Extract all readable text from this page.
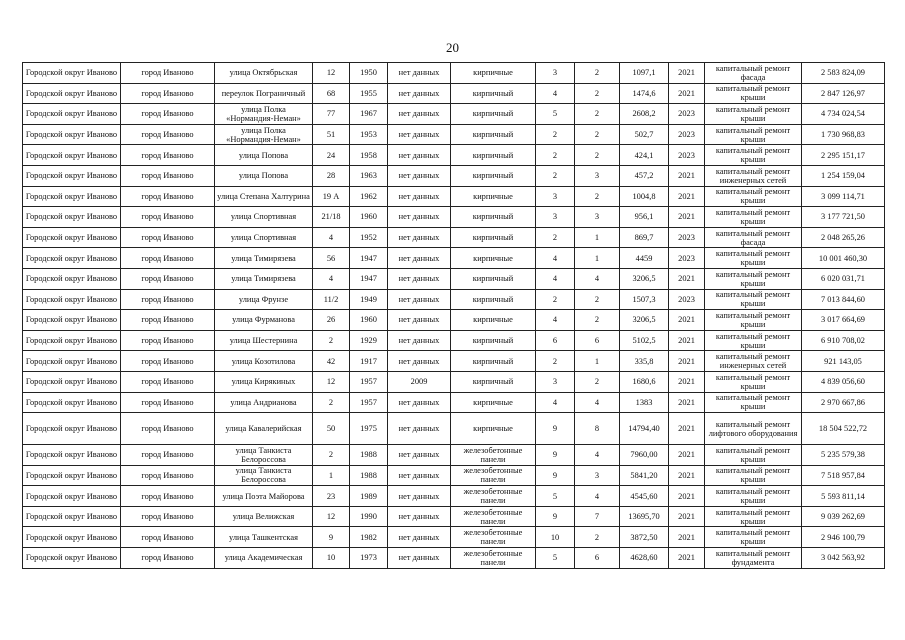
20
Городской округ Иваново	город Иваново	улица Октябрьская	12	1950	нет данных	кирпичные	3	2	1097,1	2021	капитальный ремонт фасада	2 583 824,09
Городской округ Иваново	город Иваново	переулок Пограничный	68	1955	нет данных	кирпичный	4	2	1474,6	2021	капитальный ремонт крыши	2 847 126,97
Городской округ Иваново	город Иваново	улица Полка «Нормандия-Неман»	77	1967	нет данных	кирпичный	5	2	2608,2	2023	капитальный ремонт крыши	4 734 024,54
Городской округ Иваново	город Иваново	улица Полка «Нормандия-Неман»	51	1953	нет данных	кирпичный	2	2	502,7	2023	капитальный ремонт крыши	1 730 968,83
Городской округ Иваново	город Иваново	улица Попова	24	1958	нет данных	кирпичный	2	2	424,1	2023	капитальный ремонт крыши	2 295 151,17
Городской округ Иваново	город Иваново	улица Попова	28	1963	нет данных	кирпичный	2	3	457,2	2021	капитальный ремонт инженерных сетей	1 254 159,04
Городской округ Иваново	город Иваново	улица Степана Халтурина	19 А	1962	нет данных	кирпичные	3	2	1004,8	2021	капитальный ремонт крыши	3 099 114,71
Городской округ Иваново	город Иваново	улица Спортивная	21/18	1960	нет данных	кирпичный	3	3	956,1	2021	капитальный ремонт крыши	3 177 721,50
Городской округ Иваново	город Иваново	улица Спортивная	4	1952	нет данных	кирпичный	2	1	869,7	2023	капитальный ремонт фасада	2 048 265,26
Городской округ Иваново	город Иваново	улица Тимирязева	56	1947	нет данных	кирпичные	4	1	4459	2023	капитальный ремонт крыши	10 001 460,30
Городской округ Иваново	город Иваново	улица Тимирязева	4	1947	нет данных	кирпичный	4	4	3206,5	2021	капитальный ремонт крыши	6 020 031,71
Городской округ Иваново	город Иваново	улица Фрунзе	11/2	1949	нет данных	кирпичный	2	2	1507,3	2023	капитальный ремонт крыши	7 013 844,60
Городской округ Иваново	город Иваново	улица Фурманова	26	1960	нет данных	кирпичные	4	2	3206,5	2021	капитальный ремонт крыши	3 017 664,69
Городской округ Иваново	город Иваново	улица Шестернина	2	1929	нет данных	кирпичный	6	6	5102,5	2021	капитальный ремонт крыши	6 910 708,02
Городской округ Иваново	город Иваново	улица Козотилова	42	1917	нет данных	кирпичный	2	1	335,8	2021	капитальный ремонт инженерных сетей	921 143,05
Городской округ Иваново	город Иваново	улица Кирякиных	12	1957	2009	кирпичный	3	2	1680,6	2021	капитальный ремонт крыши	4 839 056,60
Городской округ Иваново	город Иваново	улица Андрианова	2	1957	нет данных	кирпичные	4	4	1383	2021	капитальный ремонт крыши	2 970 667,86
Городской округ Иваново	город Иваново	улица Кавалерийская	50	1975	нет данных	кирпичные	9	8	14794,40	2021	капитальный ремонт лифтового оборудования	18 504 522,72
Городской округ Иваново	город Иваново	улица Танкиста Белороссова	2	1988	нет данных	железобетонные панели	9	4	7960,00	2021	капитальный ремонт крыши	5 235 579,38
Городской округ Иваново	город Иваново	улица Танкиста Белороссова	1	1988	нет данных	железобетонные панели	9	3	5841,20	2021	капитальный ремонт крыши	7 518 957,84
Городской округ Иваново	город Иваново	улица Поэта Майорова	23	1989	нет данных	железобетонные панели	5	4	4545,60	2021	капитальный ремонт крыши	5 593 811,14
Городской округ Иваново	город Иваново	улица Велижская	12	1990	нет данных	железобетонные панели	9	7	13695,70	2021	капитальный ремонт крыши	9 039 262,69
Городской округ Иваново	город Иваново	улица Ташкентская	9	1982	нет данных	железобетонные панели	10	2	3872,50	2021	капитальный ремонт крыши	2 946 100,79
Городской округ Иваново	город Иваново	улица Академическая	10	1973	нет данных	железобетонные панели	5	6	4628,60	2021	капитальный ремонт фундамента	3 042 563,92
